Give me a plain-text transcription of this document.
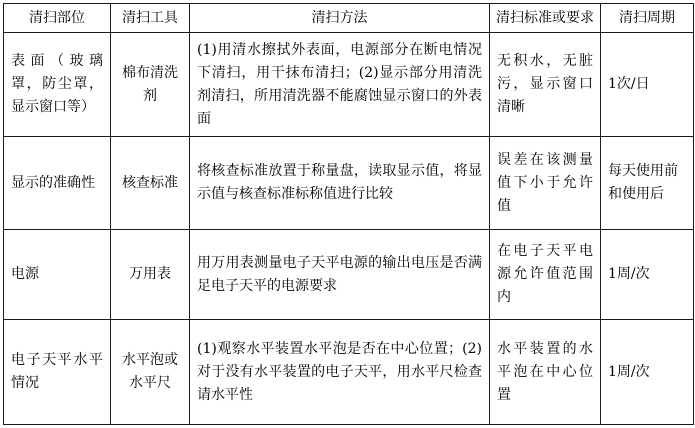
清扫部位	清扫工具	清扫方法	清扫标准或要求	清扫周期
表面（玻璃罩，防尘罩，显示窗口等）	棉布清洗剂	(1)用清水擦拭外表面，电源部分在断电情况下清扫，用干抹布清扫；(2)显示部分用清洗剂清扫，所用清洗器不能腐蚀显示窗口的外表面	无积水，无脏污，显示窗口清晰	1次/日
显示的准确性	核查标准	将核查标准放置于称量盘，读取显示值，将显示值与核查标准标称值进行比较	误差在该测量值下小于允许值	每天使用前和使用后
电源	万用表	用万用表测量电子天平电源的输出电压是否满足电子天平的电源要求	在电子天平电源允许值范围内	1周/次
电子天平水平情况	水平泡或水平尺	(1)观察水平装置水平泡是否在中心位置；(2)对于没有水平装置的电子天平，用水平尺检查请水平性	水平装置的水平泡在中心位置	1周/次
